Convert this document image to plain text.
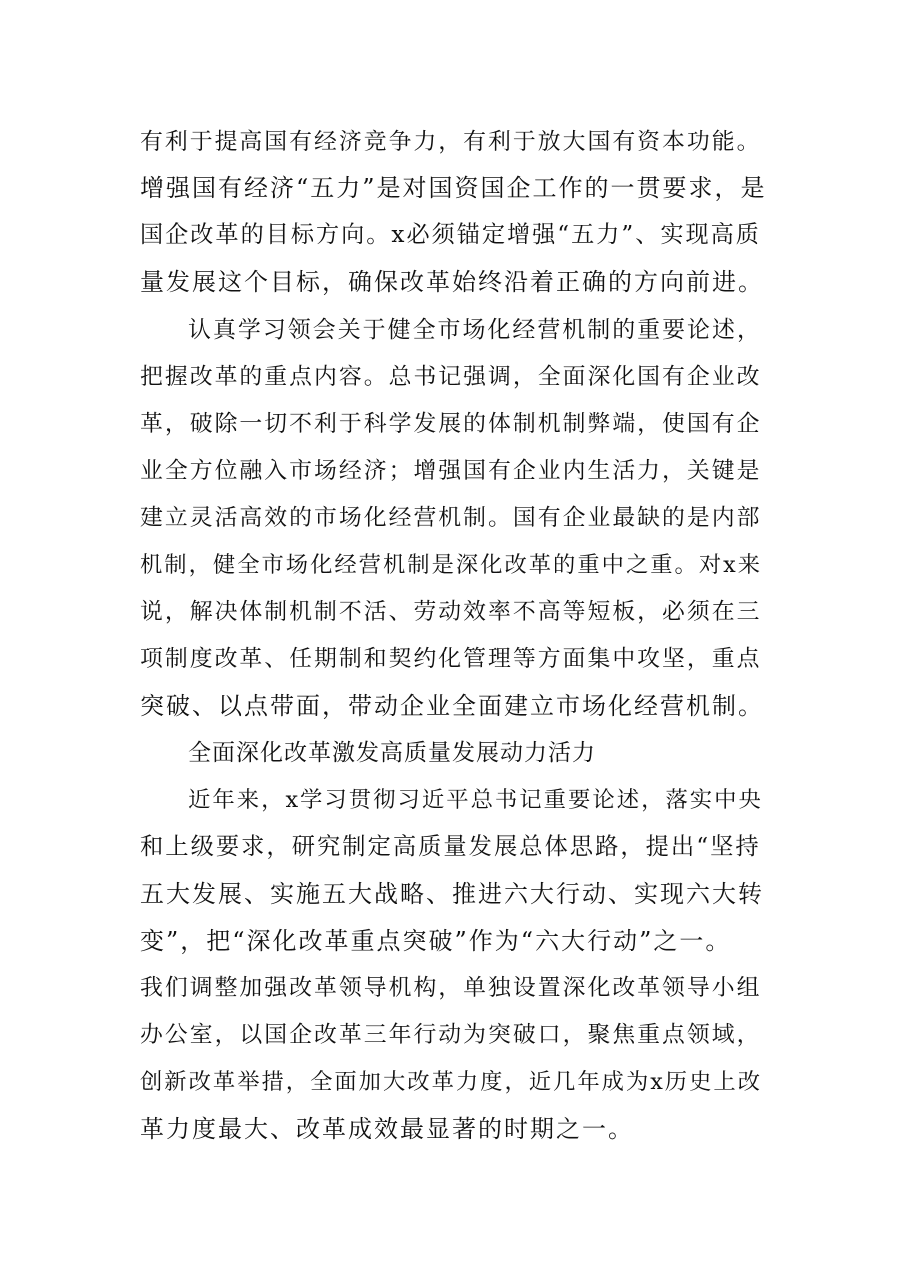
有利于提高国有经济竞争力，有利于放大国有资本功能。
增强国有经济“五力”是对国资国企工作的一贯要求，是
国企改革的目标方向。x必须锚定增强“五力”、实现高质
量发展这个目标，确保改革始终沿着正确的方向前进。
认真学习领会关于健全市场化经营机制的重要论述，
把握改革的重点内容。总书记强调，全面深化国有企业改
革，破除一切不利于科学发展的体制机制弊端，使国有企
业全方位融入市场经济；增强国有企业内生活力，关键是
建立灵活高效的市场化经营机制。国有企业最缺的是内部
机制，健全市场化经营机制是深化改革的重中之重。对x来
说，解决体制机制不活、劳动效率不高等短板，必须在三
项制度改革、任期制和契约化管理等方面集中攻坚，重点
突破、以点带面，带动企业全面建立市场化经营机制。
全面深化改革激发高质量发展动力活力
近年来，x学习贯彻习近平总书记重要论述，落实中央
和上级要求，研究制定高质量发展总体思路，提出“坚持
五大发展、实施五大战略、推进六大行动、实现六大转
变”，把“深化改革重点突破”作为“六大行动”之一。
我们调整加强改革领导机构，单独设置深化改革领导小组
办公室，以国企改革三年行动为突破口，聚焦重点领域，
创新改革举措，全面加大改革力度，近几年成为x历史上改
革力度最大、改革成效最显著的时期之一。
